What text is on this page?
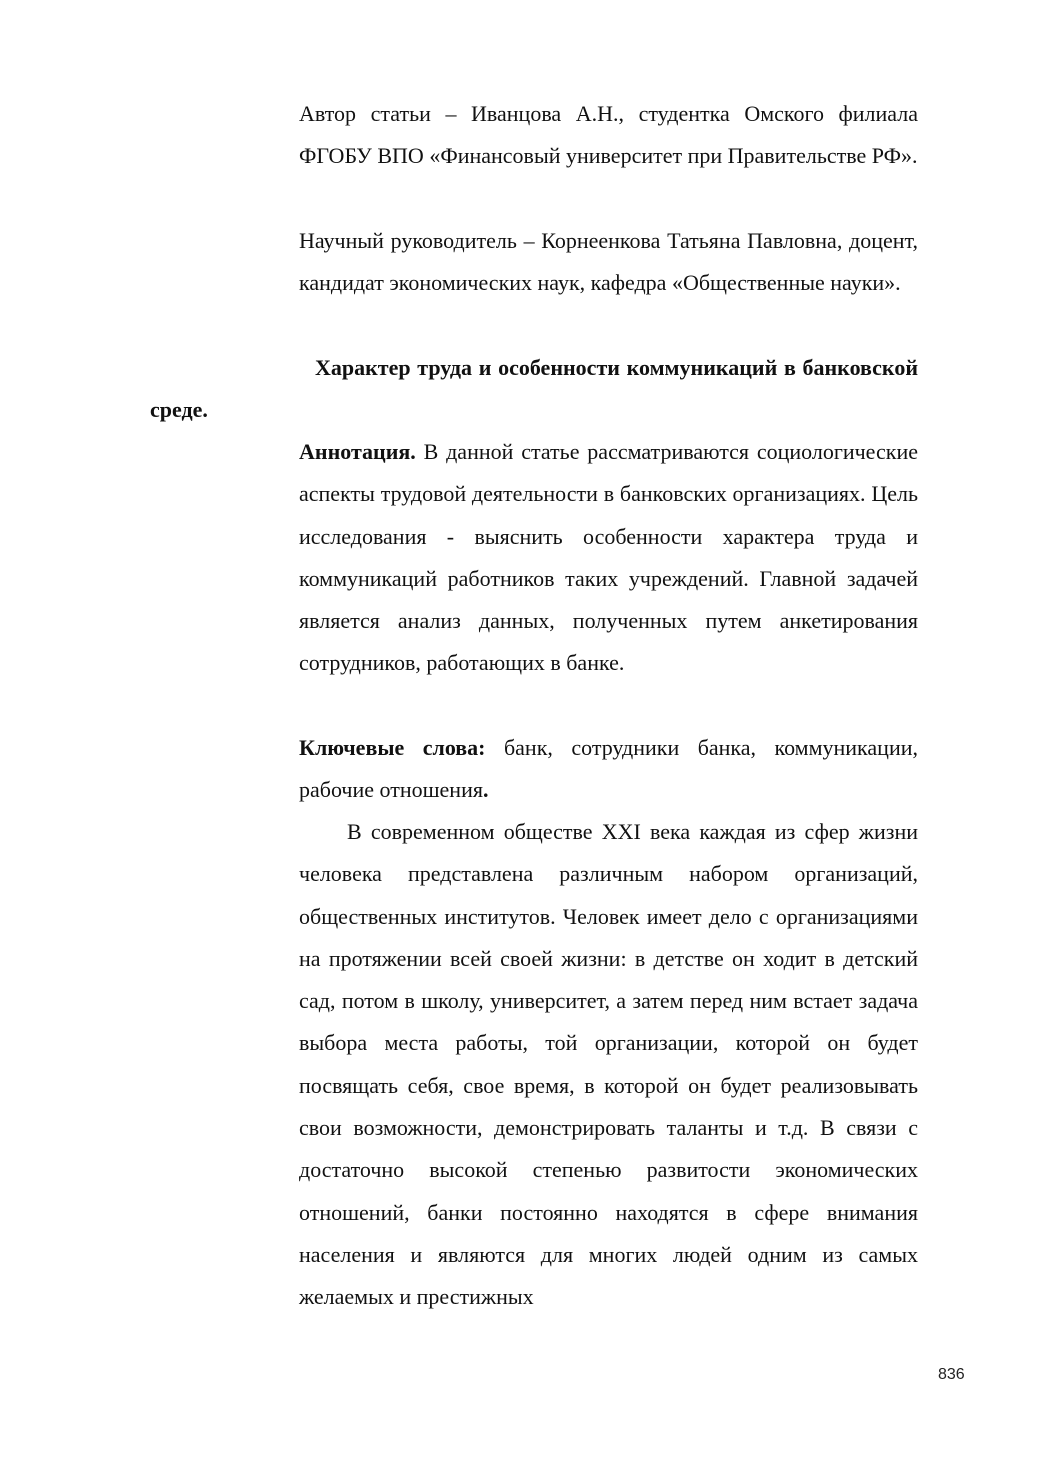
Автор статьи – Иванцова А.Н., студентка Омского филиала ФГОБУ ВПО «Финансовый университет при Правительстве РФ».

Научный руководитель – Корнеенкова Татьяна Павловна, доцент, кандидат экономических наук, кафедра «Общественные науки».

Характер труда и особенности коммуникаций в банковской среде.

Аннотация. В данной статье рассматриваются социологические аспекты трудовой деятельности в банковских организациях. Цель исследования - выяснить особенности характера труда и коммуникаций работников таких учреждений. Главной задачей является анализ данных, полученных путем анкетирования сотрудников, работающих в банке.

Ключевые слова: банк, сотрудники банка, коммуникации, рабочие отношения.

В современном обществе XXI века каждая из сфер жизни человека представлена различным набором организаций, общественных институтов. Человек имеет дело с организациями на протяжении всей своей жизни: в детстве он ходит в детский сад, потом в школу, университет, а затем перед ним встает задача выбора места работы, той организации, которой он будет посвящать себя, свое время, в которой он будет реализовывать свои возможности, демонстрировать таланты и т.д. В связи с достаточно высокой степенью развитости экономических отношений, банки постоянно находятся в сфере внимания населения и являются для многих людей одним из самых желаемых и престижных

836
